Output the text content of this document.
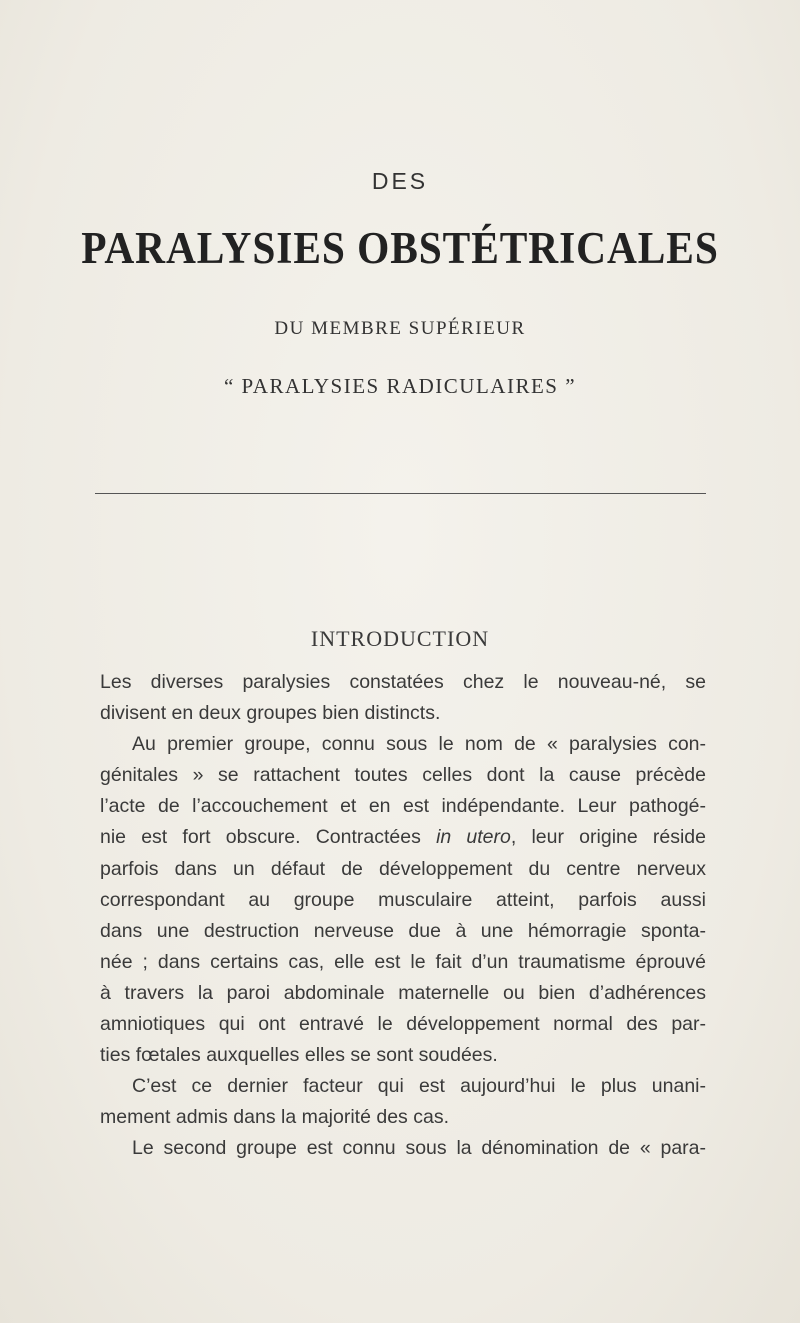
DES
PARALYSIES OBSTÉTRICALES
DU MEMBRE SUPÉRIEUR
“ PARALYSIES RADICULAIRES ”
INTRODUCTION
Les diverses paralysies constatées chez le nouveau-né, se
divisent en deux groupes bien distincts.
Au premier groupe, connu sous le nom de « paralysies con-
génitales » se rattachent toutes celles dont la cause précède
l’acte de l’accouchement et en est indépendante. Leur pathogé-
nie est fort obscure. Contractées in utero, leur origine réside
parfois dans un défaut de développement du centre nerveux
correspondant au groupe musculaire atteint, parfois aussi
dans une destruction nerveuse due à une hémorragie sponta-
née ; dans certains cas, elle est le fait d’un traumatisme éprouvé
à travers la paroi abdominale maternelle ou bien d’adhérences
amniotiques qui ont entravé le développement normal des par-
ties fœtales auxquelles elles se sont soudées.
C’est ce dernier facteur qui est aujourd’hui le plus unani-
mement admis dans la majorité des cas.
Le second groupe est connu sous la dénomination de « para-
